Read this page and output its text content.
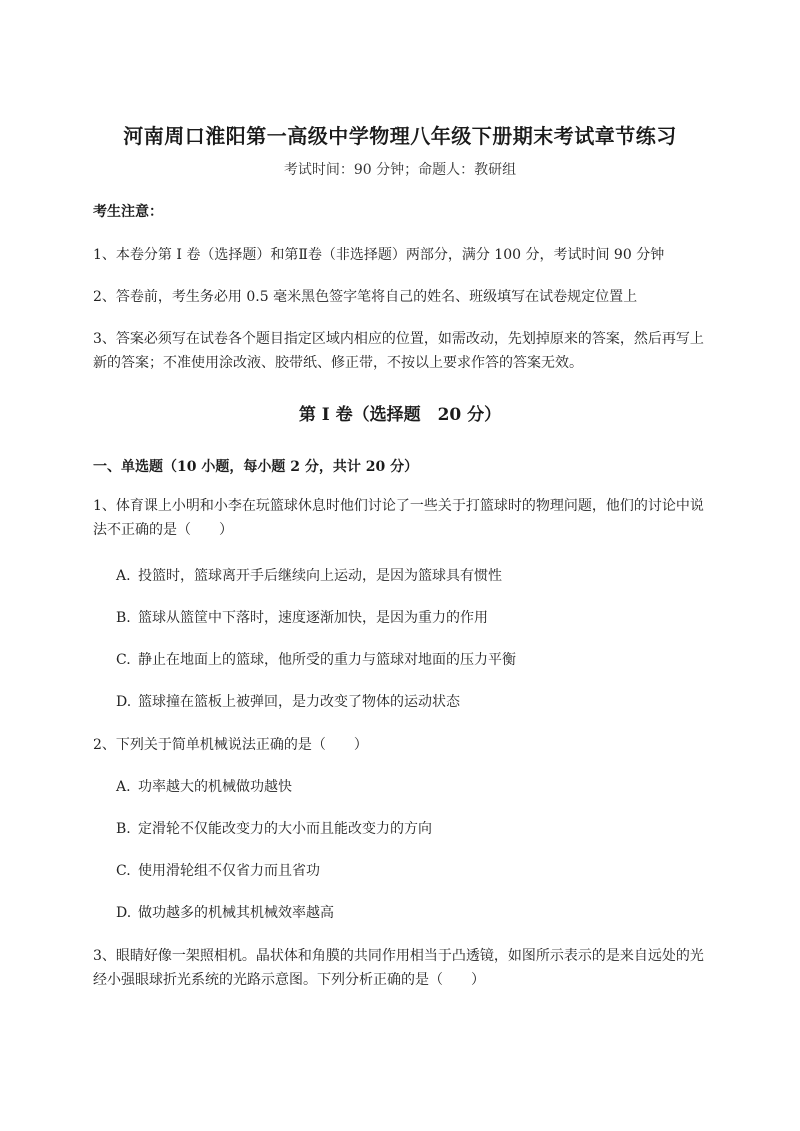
河南周口淮阳第一高级中学物理八年级下册期末考试章节练习
考试时间：90 分钟；命题人：教研组
考生注意：
1、本卷分第 I 卷（选择题）和第Ⅱ卷（非选择题）两部分，满分 100 分，考试时间 90 分钟
2、答卷前，考生务必用 0.5 毫米黑色签字笔将自己的姓名、班级填写在试卷规定位置上
3、答案必须写在试卷各个题目指定区域内相应的位置，如需改动，先划掉原来的答案，然后再写上新的答案；不准使用涂改液、胶带纸、修正带，不按以上要求作答的答案无效。
第 I 卷（选择题　20 分）
一、单选题（10 小题，每小题 2 分，共计 20 分）
1、体育课上小明和小李在玩篮球休息时他们讨论了一些关于打篮球时的物理问题，他们的讨论中说法不正确的是（　　）
A. 投篮时，篮球离开手后继续向上运动，是因为篮球具有惯性
B. 篮球从篮筐中下落时，速度逐渐加快，是因为重力的作用
C. 静止在地面上的篮球，他所受的重力与篮球对地面的压力平衡
D. 篮球撞在篮板上被弹回，是力改变了物体的运动状态
2、下列关于简单机械说法正确的是（　　）
A. 功率越大的机械做功越快
B. 定滑轮不仅能改变力的大小而且能改变力的方向
C. 使用滑轮组不仅省力而且省功
D. 做功越多的机械其机械效率越高
3、眼睛好像一架照相机。晶状体和角膜的共同作用相当于凸透镜，如图所示表示的是来自远处的光经小强眼球折光系统的光路示意图。下列分析正确的是（　　）
